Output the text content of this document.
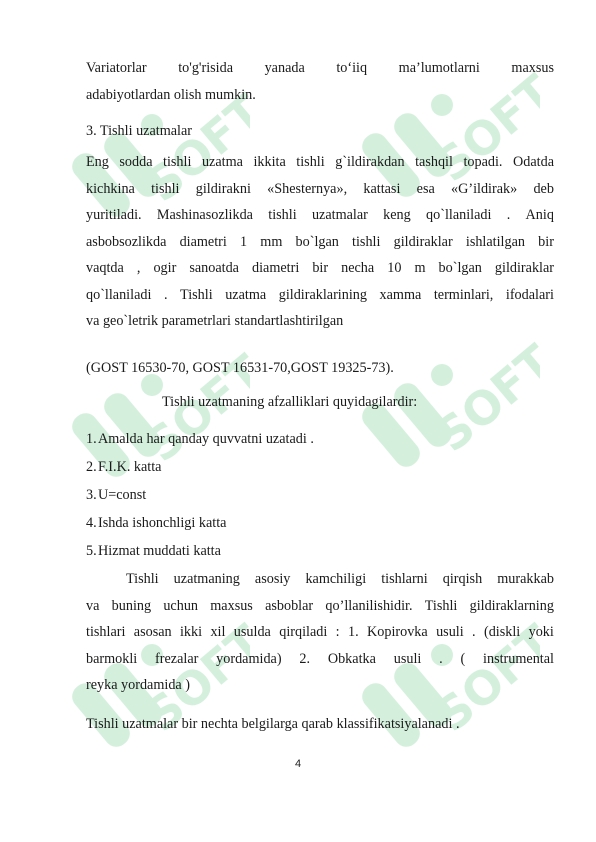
SOFT	SOFT
SOFT	SOFT
SOFT	SOFT
Variatorlar to'g'risida yanada to‘iiq ma’lumotlarni maxsus
adabiyotlardan olish mumkin.
3. Tishli uzatmalar
Eng sodda tishli uzatma ikkita tishli g`ildirakdan tashqil topadi. Odatda
kichkina tishli gildirakni «Shesternya», kattasi esa «G’ildirak» deb
yuritiladi. Mashinasozlikda tishli uzatmalar keng qo`llaniladi . Aniq
asbobsozlikda diametri 1 mm bo`lgan tishli gildiraklar ishlatilgan bir
vaqtda , ogir sanoatda diametri bir necha 10 m bo`lgan gildiraklar
qo`llaniladi . Tishli uzatma gildiraklarining xamma terminlari, ifodalari
va geo`letrik parametrlari standartlashtirilgan
(GOST 16530-70, GOST 16531-70,GOST 19325-73).
Tishli uzatmaning afzalliklari quyidagilardir:
1. Amalda har qanday quvvatni uzatadi .
2. F.I.K. katta
3. U=const
4. Ishda ishonchligi katta
5. Hizmat muddati katta
Tishli uzatmaning asosiy kamchiligi tishlarni qirqish murakkab
va buning uchun maxsus asboblar qo’llanilishidir. Tishli gildiraklarning
tishlari asosan ikki xil usulda qirqiladi : 1. Kopirovka usuli . (diskli yoki
barmokli frezalar yordamida) 2. Obkatka usuli . ( instrumental
reyka yordamida )
Tishli uzatmalar bir nechta belgilarga qarab klassifikatsiyalanadi .
4
